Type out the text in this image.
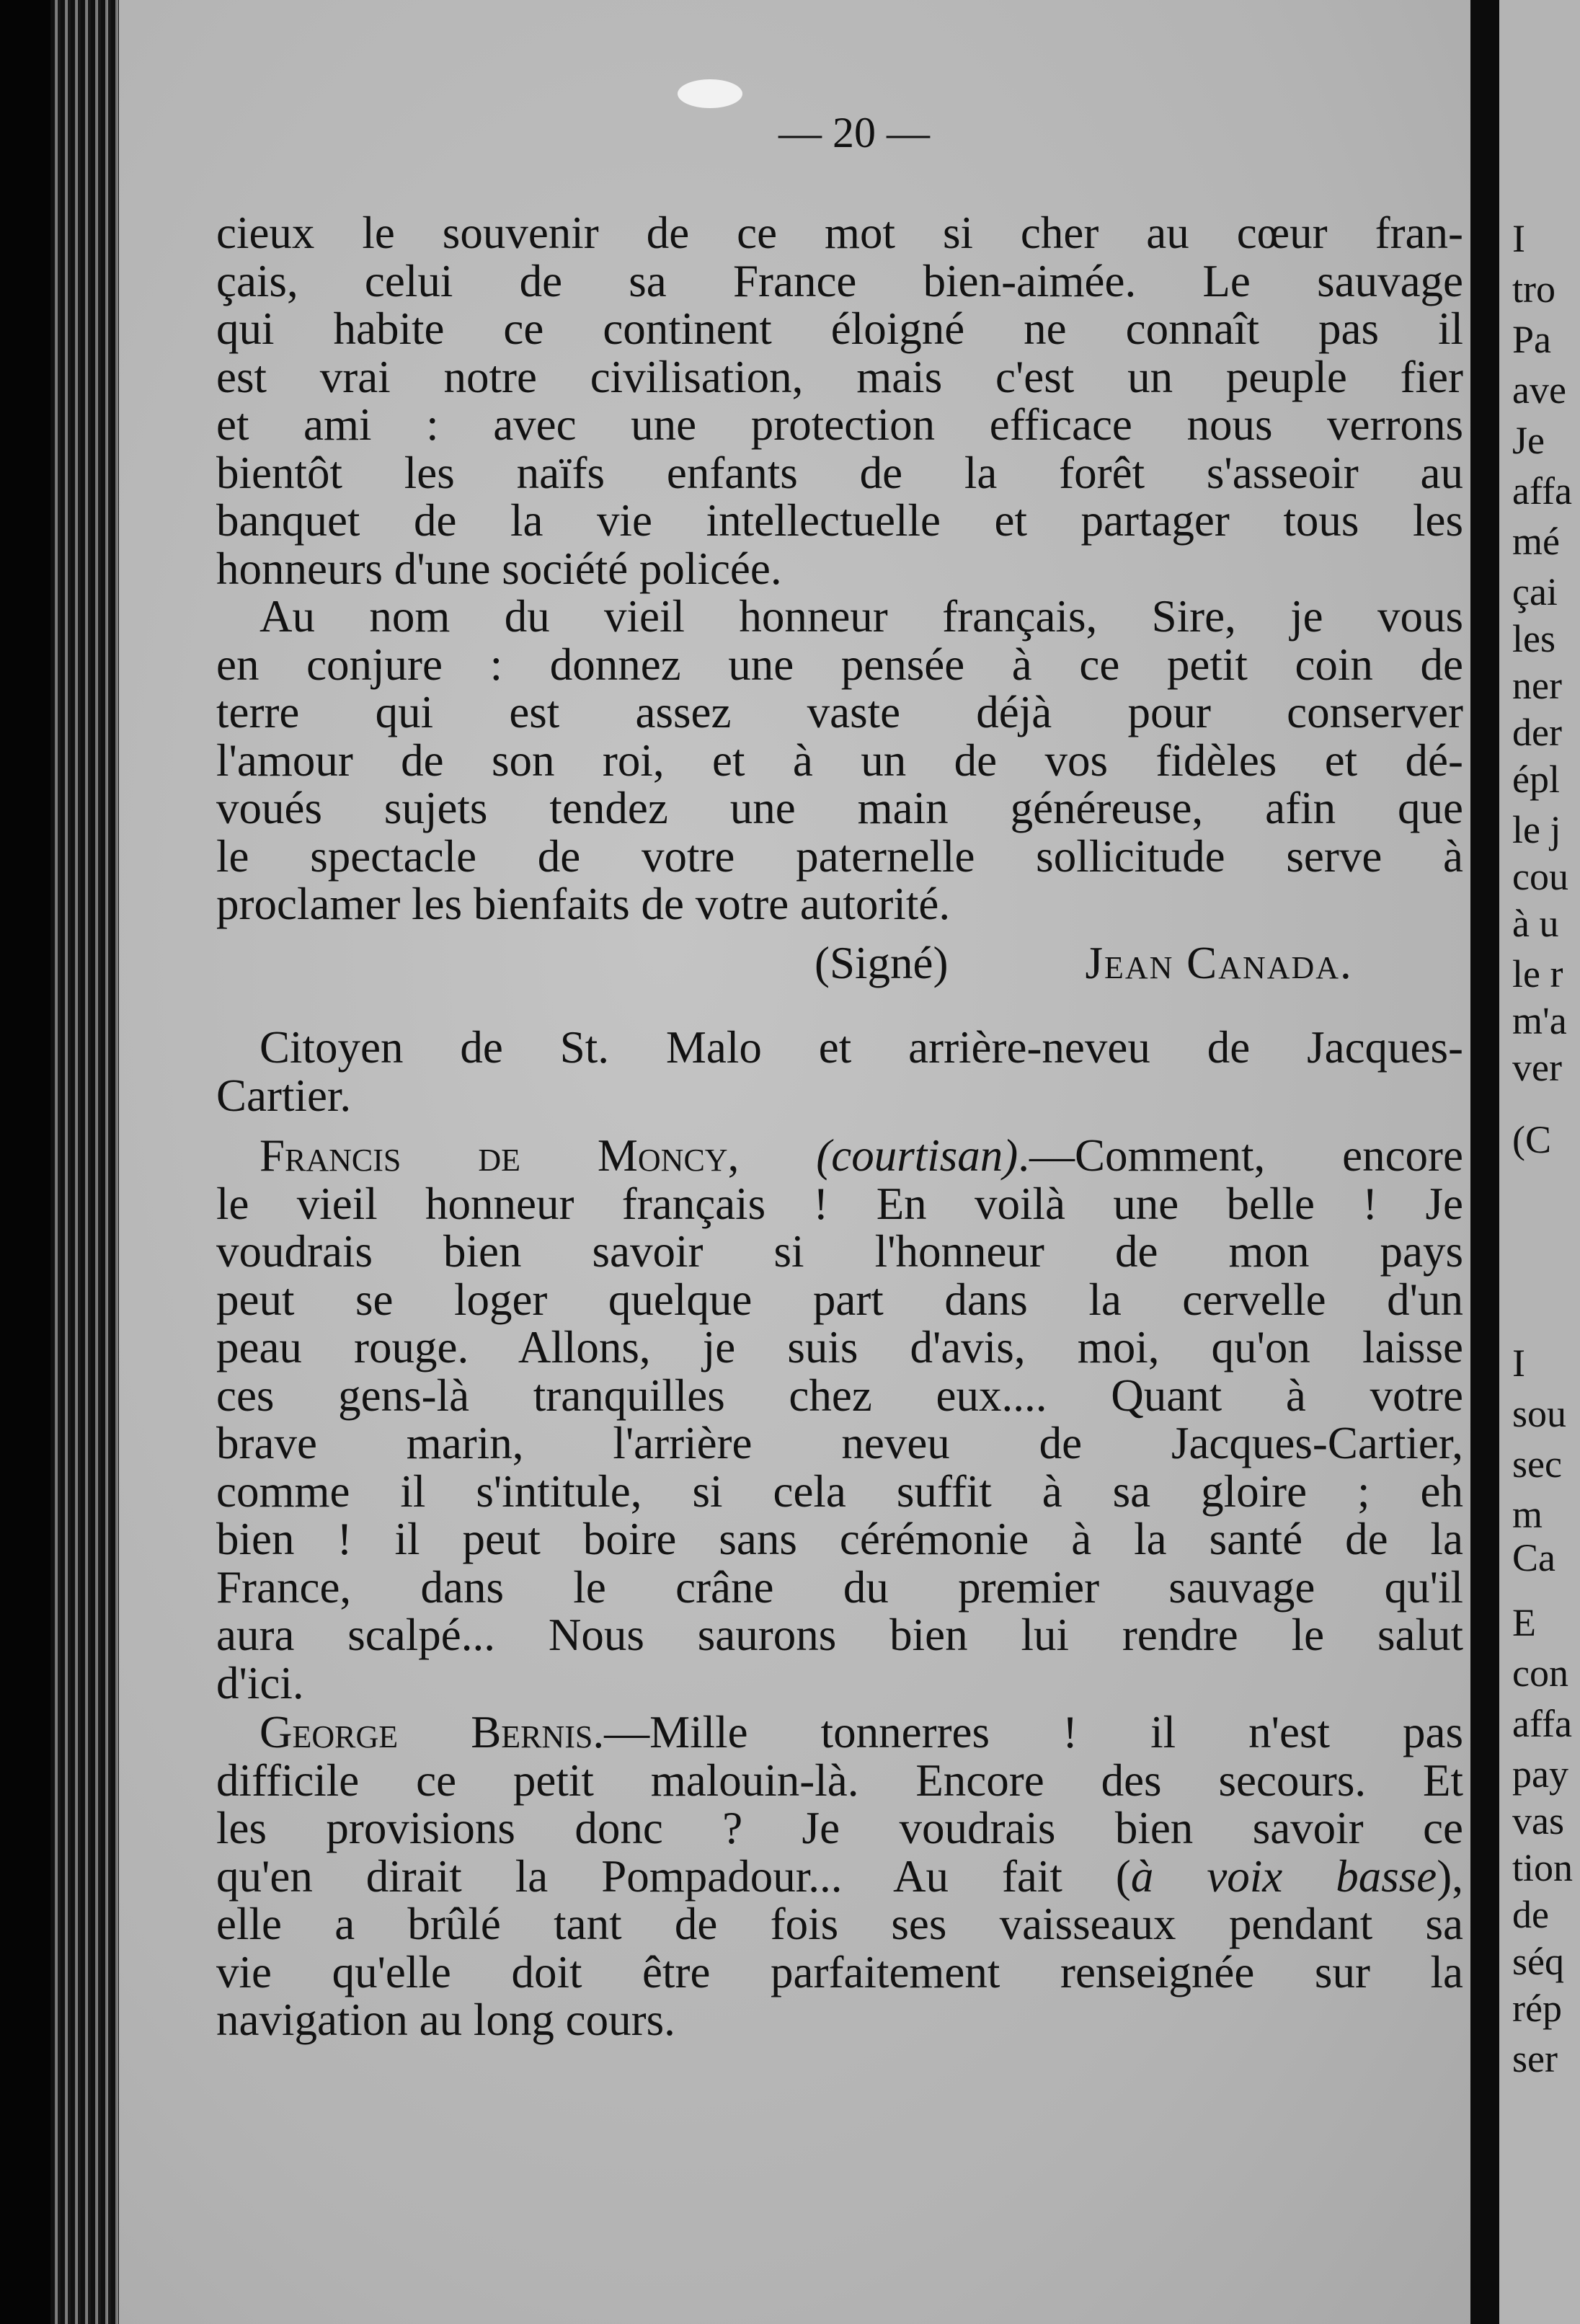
I
tro
Pa
ave
Je
affa
mé
çai
les
ner
der
épl
le j
cou
à u
le r
m'a
ver
(C
I
sou
sec
m
Ca
E
con
affa
pay
vas
tion
de
séq
rép
ser
— 20 —
cieux le souvenir de ce mot si cher au cœur fran-
çais, celui de sa France bien-aimée. Le sauvage
qui habite ce continent éloigné ne connaît pas il
est vrai notre civilisation, mais c'est un peuple fier
et ami : avec une protection efficace nous verrons
bientôt les naïfs enfants de la forêt s'asseoir au
banquet de la vie intellectuelle et partager tous les
honneurs d'une société policée.
Au nom du vieil honneur français, Sire, je vous
en conjure : donnez une pensée à ce petit coin de
terre qui est assez vaste déjà pour conserver
l'amour de son roi, et à un de vos fidèles et dé-
voués sujets tendez une main généreuse, afin que
le spectacle de votre paternelle sollicitude serve à
proclamer les bienfaits de votre autorité.
(Signé)	Jean Canada.
Citoyen de St. Malo et arrière-neveu de Jacques-
Cartier.
Francis de Moncy, (courtisan).—Comment, encore
le vieil honneur français ! En voilà une belle ! Je
voudrais bien savoir si l'honneur de mon pays
peut se loger quelque part dans la cervelle d'un
peau rouge. Allons, je suis d'avis, moi, qu'on laisse
ces gens-là tranquilles chez eux.... Quant à votre
brave marin, l'arrière neveu de Jacques-Cartier,
comme il s'intitule, si cela suffit à sa gloire ; eh
bien ! il peut boire sans cérémonie à la santé de la
France, dans le crâne du premier sauvage qu'il
aura scalpé... Nous saurons bien lui rendre le salut
d'ici.
George Bernis.—Mille tonnerres ! il n'est pas
difficile ce petit malouin-là. Encore des secours. Et
les provisions donc ? Je voudrais bien savoir ce
qu'en dirait la Pompadour... Au fait (à voix basse),
elle a brûlé tant de fois ses vaisseaux pendant sa
vie qu'elle doit être parfaitement renseignée sur la
navigation au long cours.
